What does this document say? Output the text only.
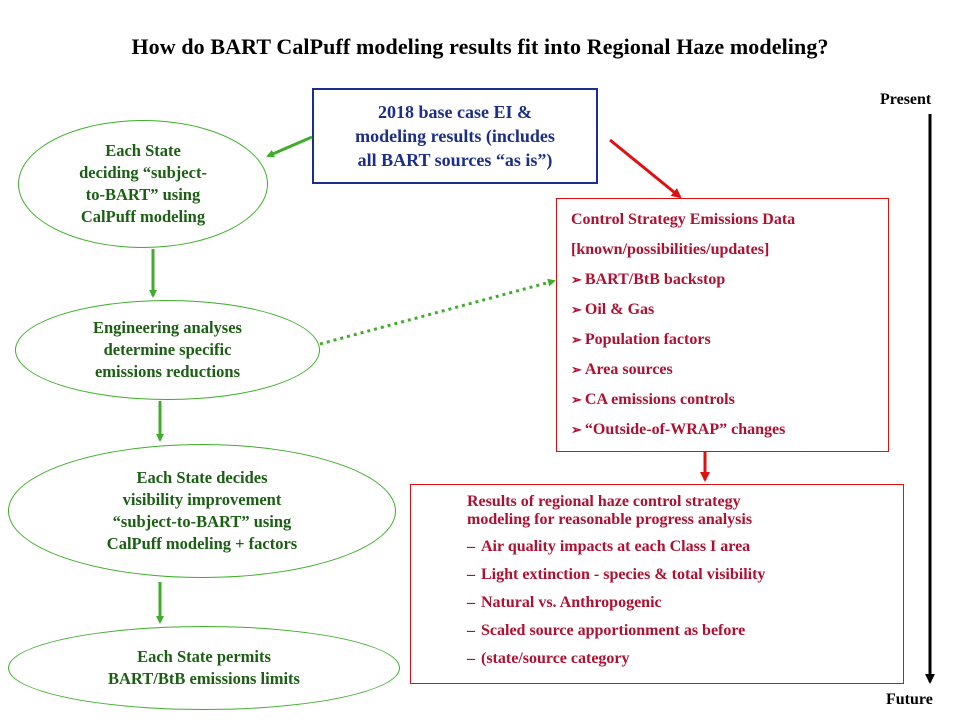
How do BART CalPuff modeling results fit into Regional Haze modeling?
Each State
deciding “subject-
to-BART” using
CalPuff modeling
Engineering analyses
determine specific
emissions reductions
Each State decides
visibility improvement
“subject-to-BART” using
CalPuff modeling + factors
Each State permits
BART/BtB emissions limits
2018 base case EI &
modeling results (includes
all BART sources “as is”)
Control Strategy Emissions Data
[known/possibilities/updates]
➢ BART/BtB backstop
➢ Oil & Gas
➢ Population factors
➢ Area sources
➢ CA emissions controls
➢ “Outside-of-WRAP” changes
Results of regional haze control strategy
modeling for reasonable progress analysis
– Air quality impacts at each Class I area
– Light extinction - species & total visibility
– Natural vs. Anthropogenic
– Scaled source apportionment as before
– (state/source category
Present
Future
